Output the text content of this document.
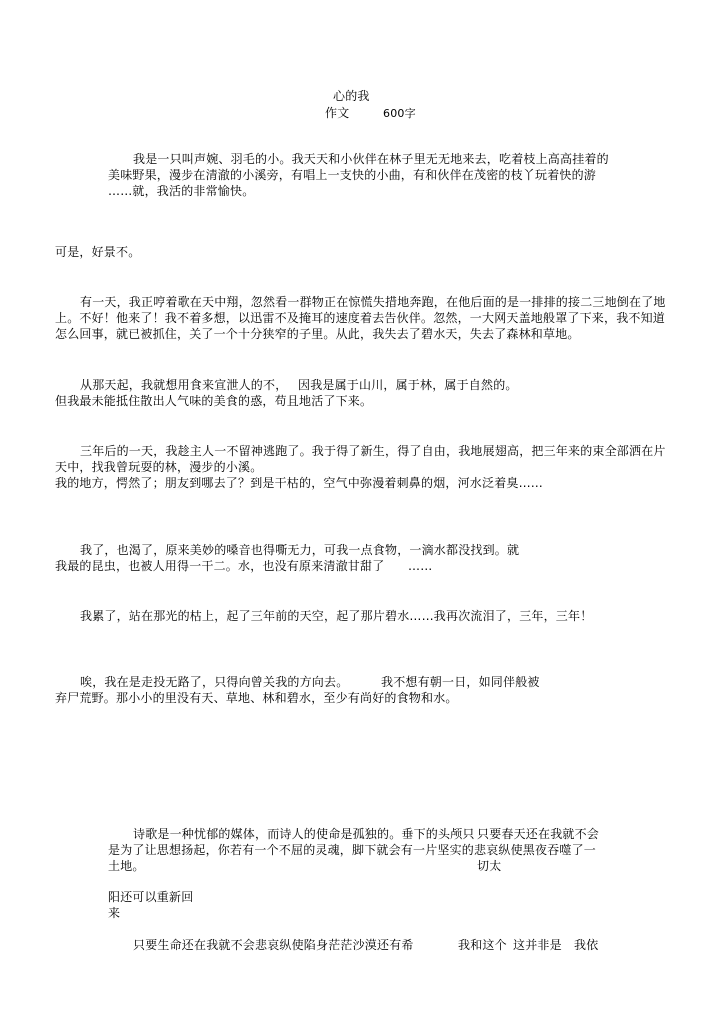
心的我
作文	600字
我是一只叫声婉、羽毛的小。我天天和小伙伴在林子里无无地来去，吃着枝上高高挂着的
美味野果，漫步在清澈的小溪旁，有唱上一支快的小曲，有和伙伴在茂密的枝丫玩着快的游
……就，我活的非常愉快。
可是，好景不。
有一天，我正哼着歌在天中翔，忽然看一群物正在惊慌失措地奔跑，在他后面的是一排排的接二三地倒在了地
上。不好！他来了！我不着多想，以迅雷不及掩耳的速度着去告伙伴。忽然，一大网天盖地般罩了下来，我不知道
怎么回事，就已被抓住，关了一个十分狭窄的子里。从此，我失去了碧水天，失去了森林和草地。
从那天起，我就想用食来宣泄人的不， 因我是属于山川，属于林，属于自然的。
但我最未能抵住散出人气味的美食的惑，苟且地活了下来。
三年后的一天，我趁主人一不留神逃跑了。我于得了新生，得了自由，我地展翅高，把三年来的束全部洒在片
天中，找我曾玩耍的林，漫步的小溪。
我的地方，愕然了；朋友到哪去了？到是干枯的，空气中弥漫着刺鼻的烟，河水泛着臭……
我了，也渴了，原来美妙的嗓音也得嘶无力，可我一点食物，一滴水都没找到。就
我最的昆虫，也被人用得一干二。水，也没有原来清澈甘甜了 ……
我累了，站在那光的枯上，起了三年前的天空，起了那片碧水……我再次流泪了，三年，三年！
唉，我在是走投无路了，只得向曾关我的方向去。	我不想有朝一日，如同伴般被
弃尸荒野。那小小的里没有天、草地、林和碧水，至少有尚好的食物和水。
诗歌是一种忧郁的媒体，而诗人的使命是孤独的。垂下的头颅只 只要春天还在我就不会
是为了让思想扬起，你若有一个不屈的灵魂，脚下就会有一片坚实的 悲哀纵使黑夜吞噬了一
土地。	切太
阳还可以重新回
来
只要生命还在我就不会悲哀纵使陷身茫茫沙漠还有希	我和这个 这并非是 我依
